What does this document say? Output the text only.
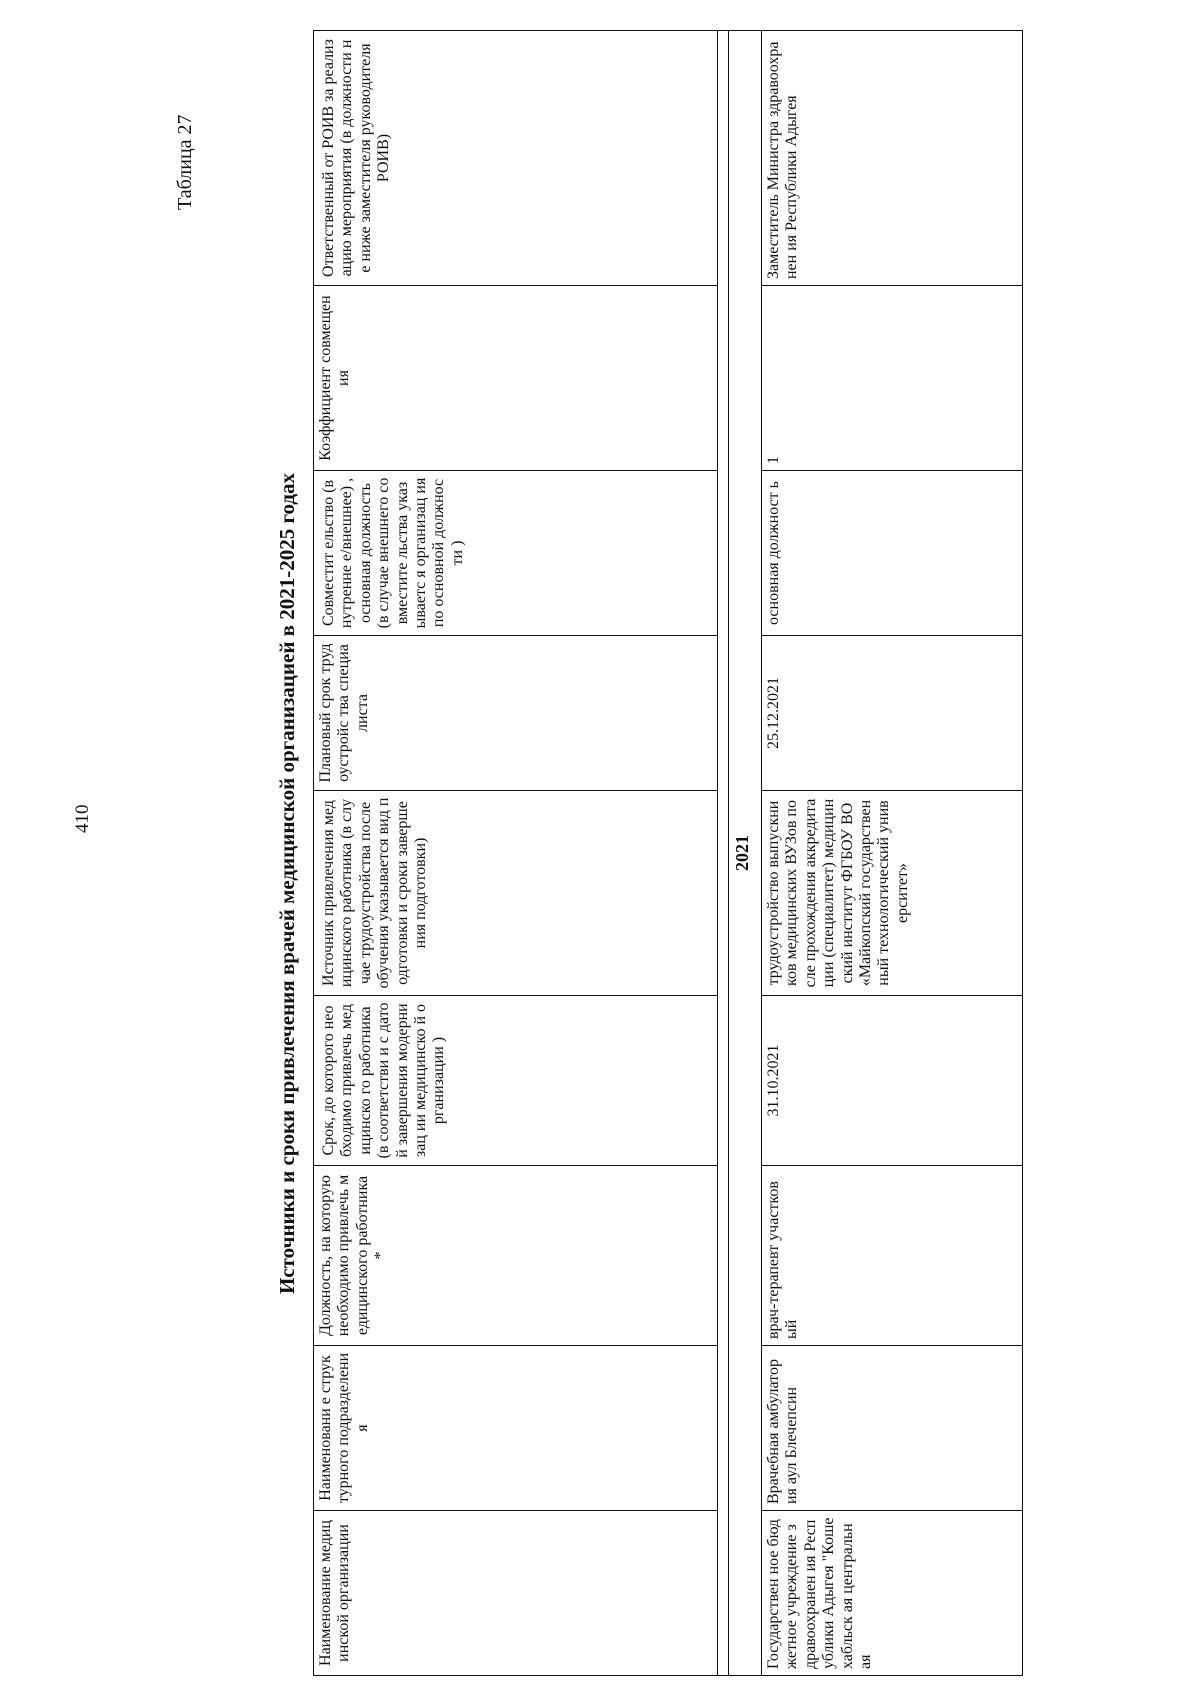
410
Таблица 27
Источники и сроки привлечения врачей медицинской организацией в 2021-2025 годах
Наименование медицинской организации	Наименовани е структурного подразделени я	Должность, на которую необходимо привлечь медицинского работника*	Срок, до которого необходимо привлечь медицинско го работника (в соответстви и с датой завершения модернизац ии медицинско й организации )	Источник привлечения медицинского работника (в случае трудоустройства после обучения указывается вид подготовки и сроки завершения подготовки)	Плановый срок трудоустройс тва специалиста	Совместит ельство (внутренне е/внешнее) , основная должность (в случае внешнего совместите льства указываетс я организац ия по основной должности )	Коэффициент совмещения	Ответственный от РОИВ за реализацию мероприятия (в должности не ниже заместителя руководителя РОИВ)

2021								
Государствен ное бюджетное учреждение здравоохранен ия Республики Адыгея "Кошехабльск ая центральная	Врачебная амбулатория аул Блечепсин	врач-терапевт участковый	31.10.2021	трудоустройство выпускников медицинских ВУЗов после прохождения аккредитации (специалитет) медицинский институт ФГБОУ ВО «Майкопский государственный технологический университет»	25.12.2021	основная должност ь	1	Заместитель Министра здравоохранен ия Республики Адыгея
